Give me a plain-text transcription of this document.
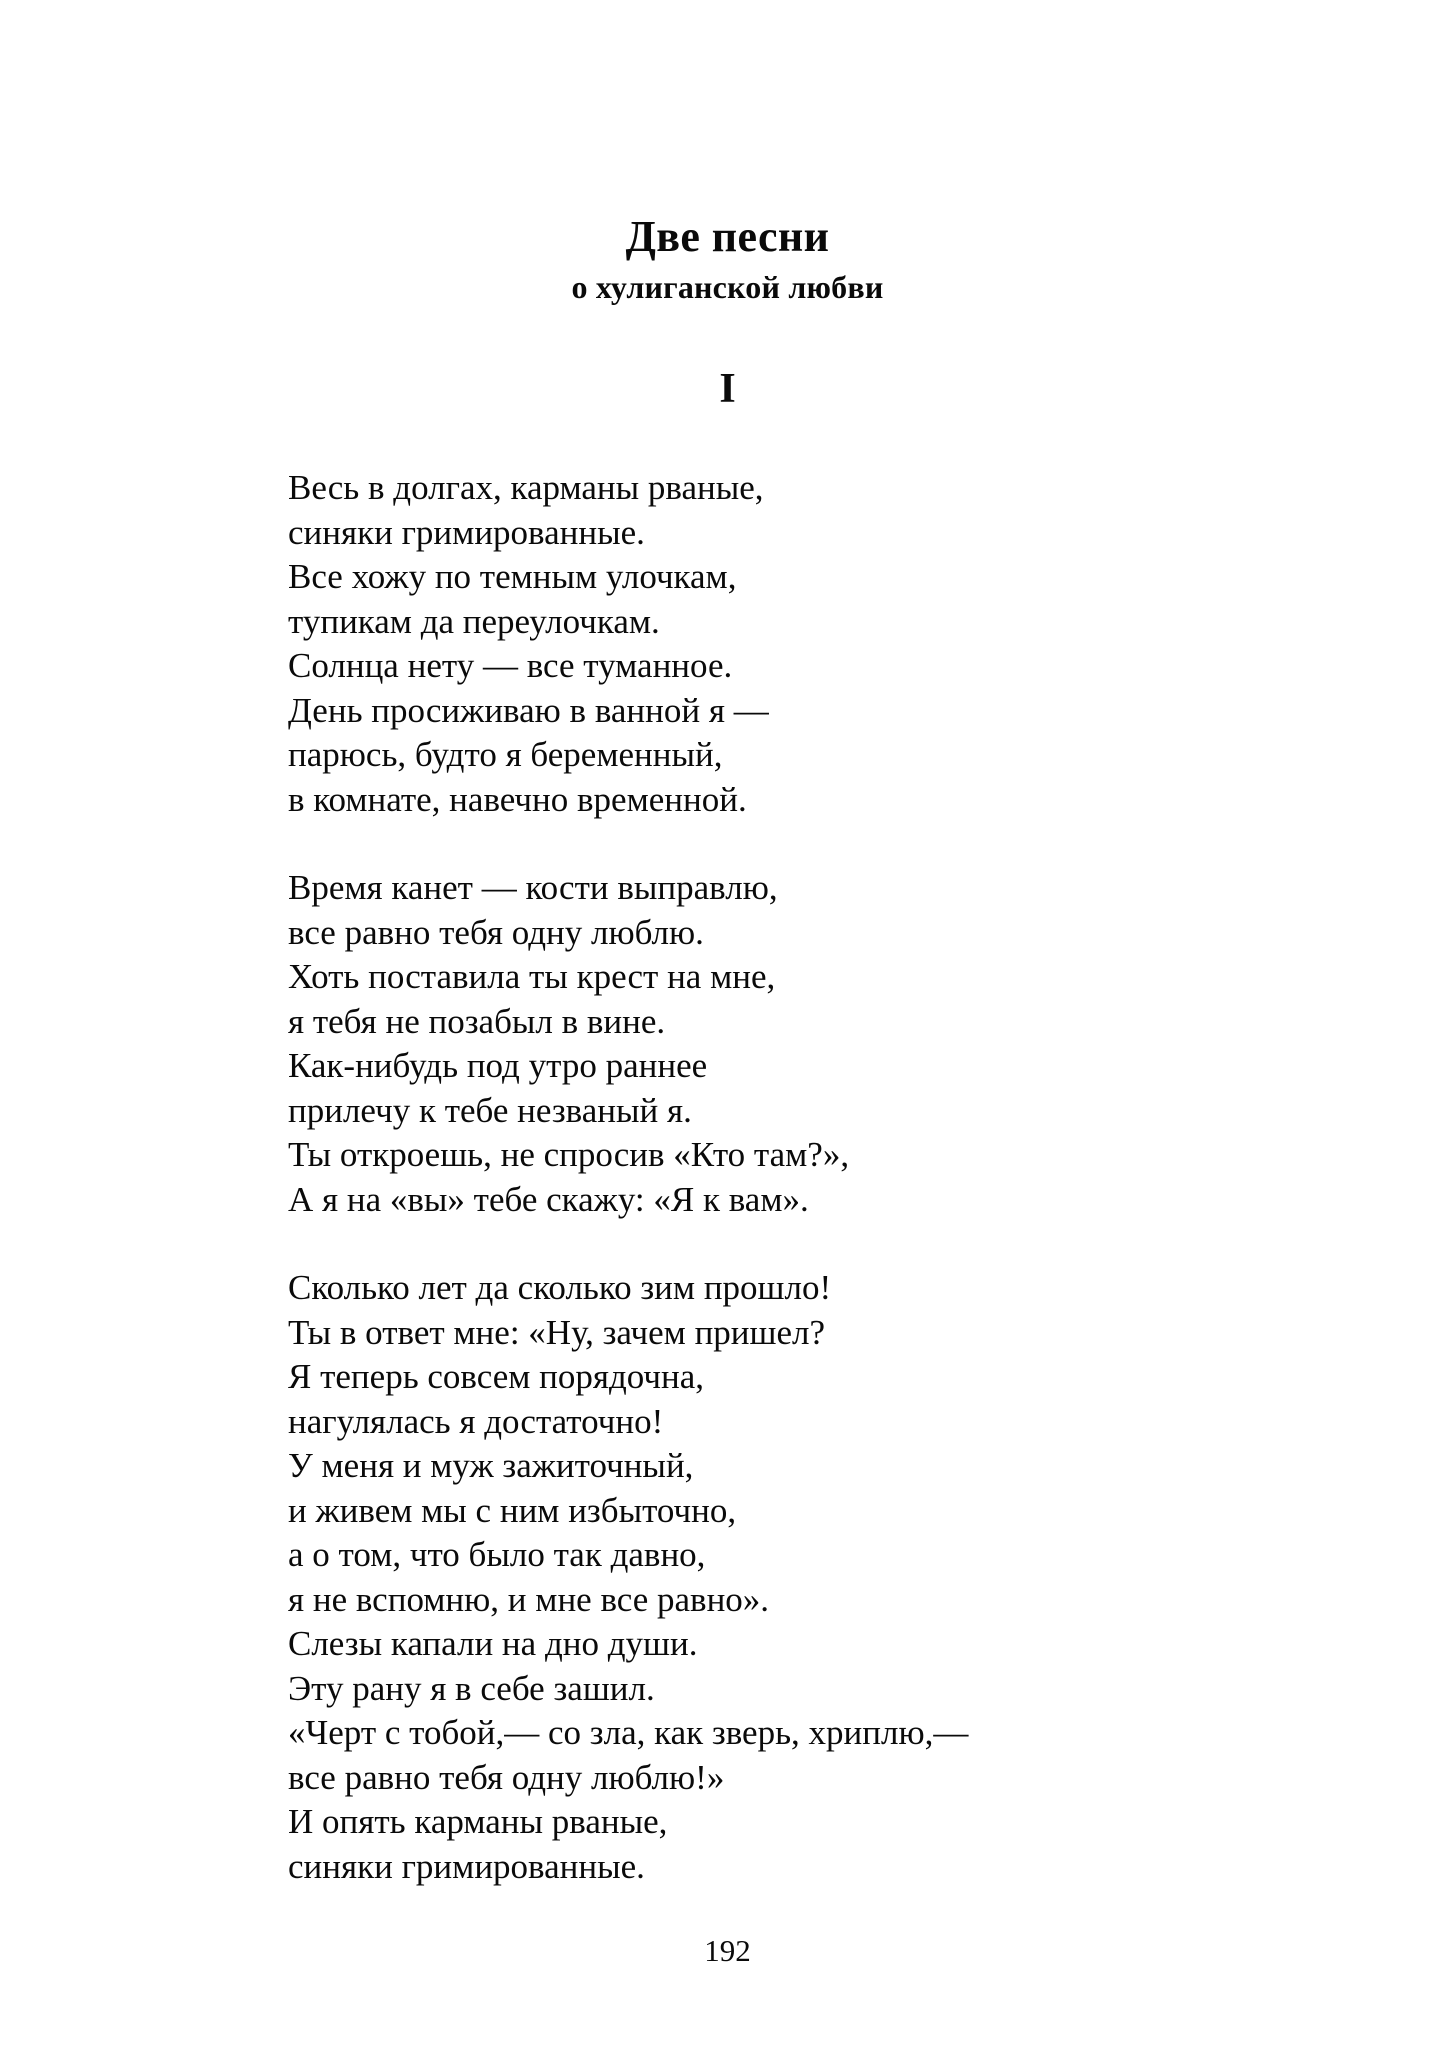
Две песни
о хулиганской любви
I

Весь в долгах, карманы рваные,

синяки гримированные.

Все хожу по темным улочкам,

тупикам да переулочкам.

Солнца нету — все туманное.

День просиживаю в ванной я —

парюсь, будто я беременный,

в комнате, навечно временной.

Время канет — кости выправлю,

все равно тебя одну люблю.

Хоть поставила ты крест на мне,

я тебя не позабыл в вине.

Как-нибудь под утро раннее

прилечу к тебе незваный я.

Ты откроешь, не спросив «Кто там?»,

А я на «вы» тебе скажу: «Я к вам».

Сколько лет да сколько зим прошло!

Ты в ответ мне: «Ну, зачем пришел?

Я теперь совсем порядочна,

нагулялась я достаточно!

У меня и муж зажиточный,

и живем мы с ним избыточно,

а о том, что было так давно,

я не вспомню, и мне все равно».

Слезы капали на дно души.

Эту рану я в себе зашил.

«Черт с тобой,— со зла, как зверь, хриплю,—

все равно тебя одну люблю!»

И опять карманы рваные,

синяки гримированные.

192
